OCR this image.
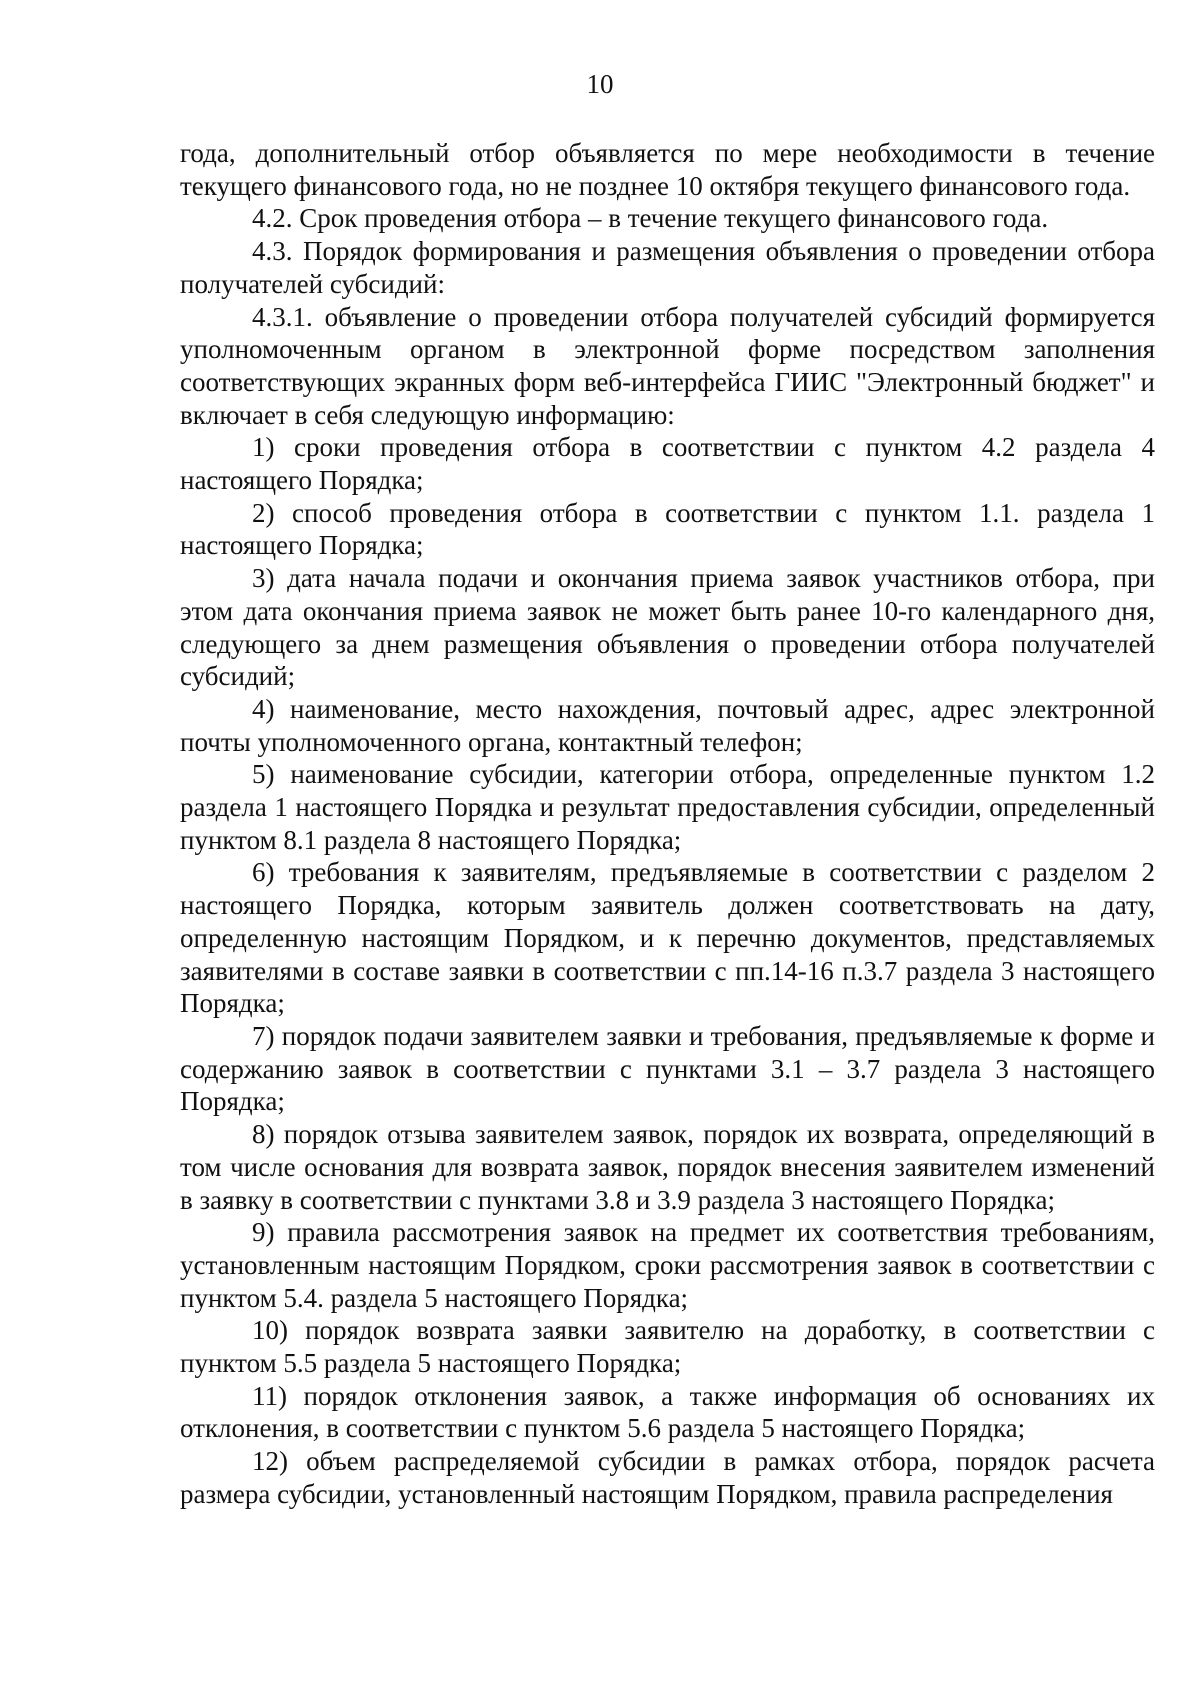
10

года, дополнительный отбор объявляется по мере необходимости в течение текущего финансового года, но не позднее 10 октября текущего финансового года.

4.2. Срок проведения отбора – в течение текущего финансового года.

4.3. Порядок формирования и размещения объявления о проведении отбора получателей субсидий:

4.3.1. объявление о проведении отбора получателей субсидий формируется уполномоченным органом в электронной форме посредством заполнения соответствующих экранных форм веб-интерфейса ГИИС "Электронный бюджет" и включает в себя следующую информацию:

1) сроки проведения отбора в соответствии с пунктом 4.2 раздела 4 настоящего Порядка;

2) способ проведения отбора в соответствии с пунктом 1.1. раздела 1 настоящего Порядка;

3) дата начала подачи и окончания приема заявок участников отбора, при этом дата окончания приема заявок не может быть ранее 10-го календарного дня, следующего за днем размещения объявления о проведении отбора получателей субсидий;

4) наименование, место нахождения, почтовый адрес, адрес электронной почты уполномоченного органа, контактный телефон;

5) наименование субсидии, категории отбора, определенные пунктом 1.2 раздела 1 настоящего Порядка и результат предоставления субсидии, определенный пунктом 8.1 раздела 8 настоящего Порядка;

6) требования к заявителям, предъявляемые в соответствии с разделом 2 настоящего Порядка, которым заявитель должен соответствовать на дату, определенную настоящим Порядком, и к перечню документов, представляемых заявителями в составе заявки в соответствии с пп.14-16 п.3.7 раздела 3 настоящего Порядка;

7) порядок подачи заявителем заявки и требования, предъявляемые к форме и содержанию заявок в соответствии с пунктами 3.1 – 3.7 раздела 3 настоящего Порядка;

8) порядок отзыва заявителем заявок, порядок их возврата, определяющий в том числе основания для возврата заявок, порядок внесения заявителем изменений в заявку в соответствии с пунктами 3.8 и 3.9 раздела 3 настоящего Порядка;

9) правила рассмотрения заявок на предмет их соответствия требованиям, установленным настоящим Порядком, сроки рассмотрения заявок в соответствии с пунктом 5.4. раздела 5 настоящего Порядка;

10) порядок возврата заявки заявителю на доработку, в соответствии с пунктом 5.5 раздела 5 настоящего Порядка;

11) порядок отклонения заявок, а также информация об основаниях их отклонения, в соответствии с пунктом 5.6 раздела 5 настоящего Порядка;

12) объем распределяемой субсидии в рамках отбора, порядок расчета размера субсидии, установленный настоящим Порядком, правила распределения
